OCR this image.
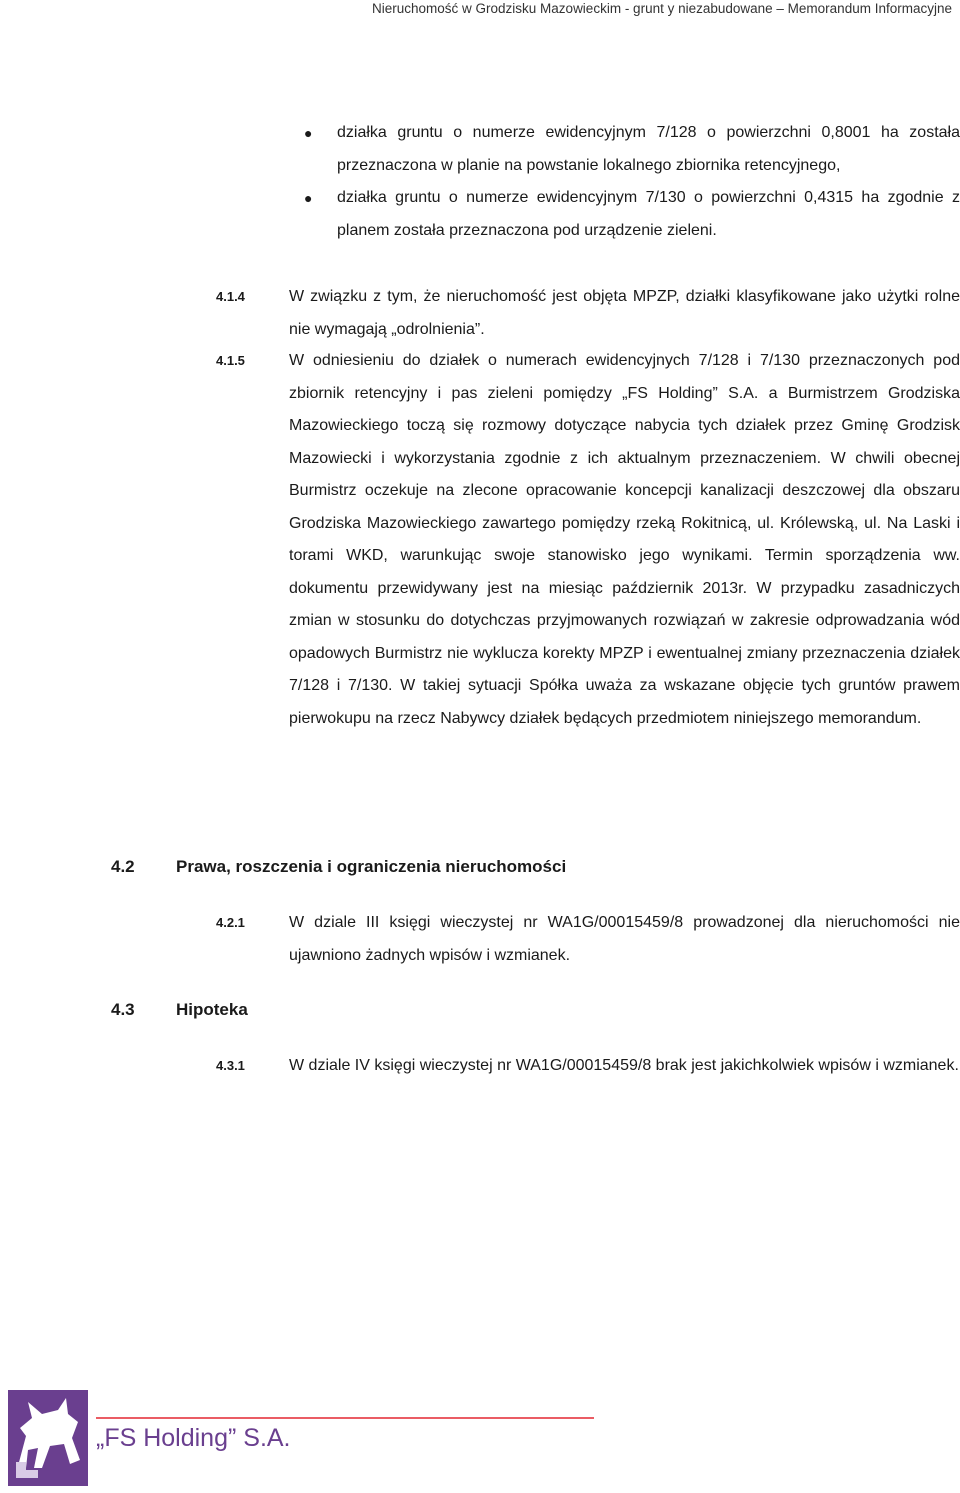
Nieruchomość w Grodzisku Mazowieckim - grunt y niezabudowane – Memorandum Informacyjne
● działka gruntu o numerze ewidencyjnym 7/128 o powierzchni 0,8001 ha została przeznaczona w planie na powstanie lokalnego zbiornika retencyjnego,
● działka gruntu o numerze ewidencyjnym 7/130 o powierzchni 0,4315 ha zgodnie z planem została przeznaczona pod urządzenie zieleni.
4.1.4	W związku z tym, że nieruchomość jest objęta MPZP, działki klasyfikowane jako użytki rolne nie wymagają „odrolnienia”.
4.1.5	W odniesieniu do działek o numerach ewidencyjnych 7/128 i 7/130 przeznaczonych pod zbiornik retencyjny i pas zieleni pomiędzy „FS Holding” S.A. a Burmistrzem Grodziska Mazowieckiego toczą się rozmowy dotyczące nabycia tych działek przez Gminę Grodzisk Mazowiecki i wykorzystania zgodnie z ich aktualnym przeznaczeniem. W chwili obecnej Burmistrz oczekuje na zlecone opracowanie koncepcji kanalizacji deszczowej dla obszaru Grodziska Mazowieckiego zawartego pomiędzy rzeką Rokitnicą, ul. Królewską, ul. Na Laski i torami WKD, warunkując swoje stanowisko jego wynikami. Termin sporządzenia ww. dokumentu przewidywany jest na miesiąc październik 2013r. W przypadku zasadniczych zmian w stosunku do dotychczas przyjmowanych rozwiązań w zakresie odprowadzania wód opadowych Burmistrz nie wyklucza korekty MPZP i ewentualnej zmiany przeznaczenia działek 7/128 i 7/130. W takiej sytuacji Spółka uważa za wskazane objęcie tych gruntów prawem pierwokupu na rzecz Nabywcy działek będących przedmiotem niniejszego memorandum.
4.2 Prawa, roszczenia i ograniczenia nieruchomości
4.2.1	W dziale III księgi wieczystej nr WA1G/00015459/8 prowadzonej dla nieruchomości nie ujawniono żadnych wpisów i wzmianek.
4.3 Hipoteka
4.3.1	W dziale IV księgi wieczystej nr WA1G/00015459/8 brak jest jakichkolwiek wpisów i wzmianek.
„FS Holding” S.A.
